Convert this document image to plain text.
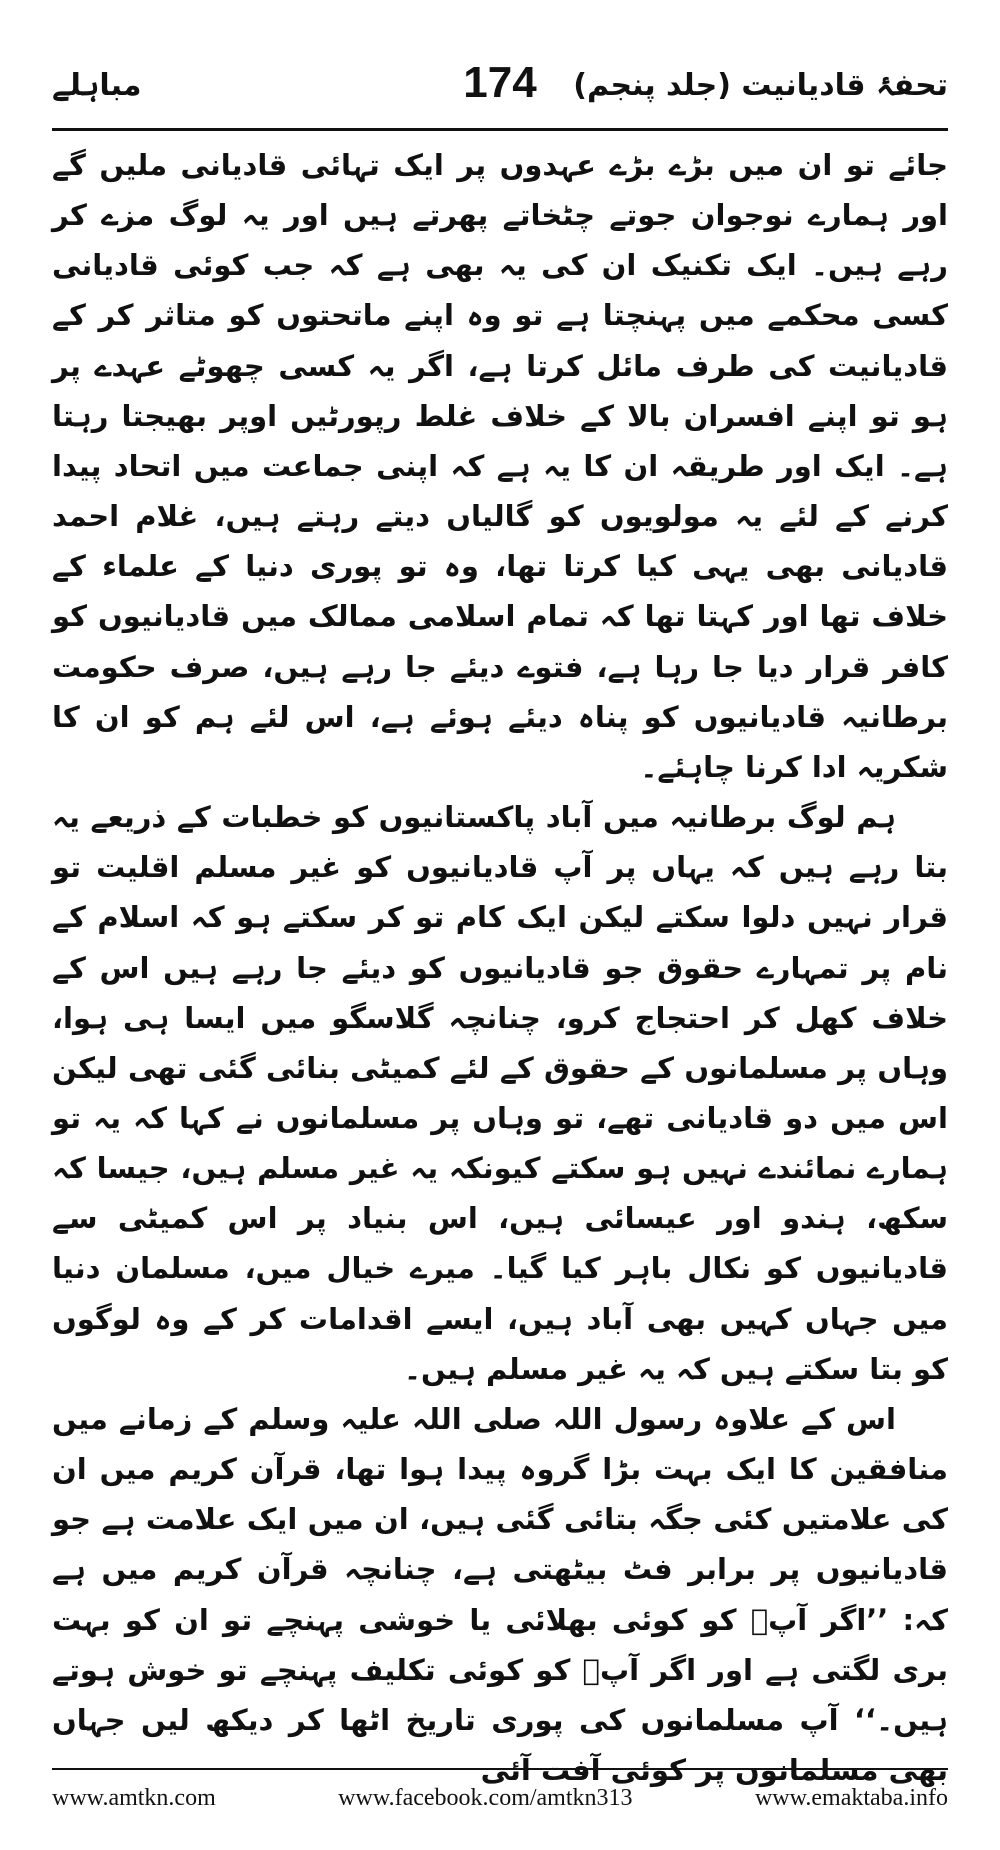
تحفۂ قادیانیت (جلد پنجم)
174
مباہلے

جائے تو ان میں بڑے بڑے عہدوں پر ایک تہائی قادیانی ملیں گے اور ہمارے نوجوان جوتے چٹخاتے پھرتے ہیں اور یہ لوگ مزے کر رہے ہیں۔ ایک تکنیک ان کی یہ بھی ہے کہ جب کوئی قادیانی کسی محکمے میں پہنچتا ہے تو وہ اپنے ماتحتوں کو متاثر کر کے قادیانیت کی طرف مائل کرتا ہے، اگر یہ کسی چھوٹے عہدے پر ہو تو اپنے افسران بالا کے خلاف غلط رپورٹیں اوپر بھیجتا رہتا ہے۔ ایک اور طریقہ ان کا یہ ہے کہ اپنی جماعت میں اتحاد پیدا کرنے کے لئے یہ مولویوں کو گالیاں دیتے رہتے ہیں، غلام احمد قادیانی بھی یہی کیا کرتا تھا، وہ تو پوری دنیا کے علماء کے خلاف تھا اور کہتا تھا کہ تمام اسلامی ممالک میں قادیانیوں کو کافر قرار دیا جا رہا ہے، فتوے دیئے جا رہے ہیں، صرف حکومت برطانیہ قادیانیوں کو پناہ دیئے ہوئے ہے، اس لئے ہم کو ان کا شکریہ ادا کرنا چاہئے۔

ہم لوگ برطانیہ میں آباد پاکستانیوں کو خطبات کے ذریعے یہ بتا رہے ہیں کہ یہاں پر آپ قادیانیوں کو غیر مسلم اقلیت تو قرار نہیں دلوا سکتے لیکن ایک کام تو کر سکتے ہو کہ اسلام کے نام پر تمہارے حقوق جو قادیانیوں کو دیئے جا رہے ہیں اس کے خلاف کھل کر احتجاج کرو، چنانچہ گلاسگو میں ایسا ہی ہوا، وہاں پر مسلمانوں کے حقوق کے لئے کمیٹی بنائی گئی تھی لیکن اس میں دو قادیانی تھے، تو وہاں پر مسلمانوں نے کہا کہ یہ تو ہمارے نمائندے نہیں ہو سکتے کیونکہ یہ غیر مسلم ہیں، جیسا کہ سکھ، ہندو اور عیسائی ہیں، اس بنیاد پر اس کمیٹی سے قادیانیوں کو نکال باہر کیا گیا۔ میرے خیال میں، مسلمان دنیا میں جہاں کہیں بھی آباد ہیں، ایسے اقدامات کر کے وہ لوگوں کو بتا سکتے ہیں کہ یہ غیر مسلم ہیں۔

اس کے علاوہ رسول اللہ صلی اللہ علیہ وسلم کے زمانے میں منافقین کا ایک بہت بڑا گروہ پیدا ہوا تھا، قرآن کریم میں ان کی علامتیں کئی جگہ بتائی گئی ہیں، ان میں ایک علامت ہے جو قادیانیوں پر برابر فٹ بیٹھتی ہے، چنانچہ قرآن کریم میں ہے کہ: ’’اگر آپؐ کو کوئی بھلائی یا خوشی پہنچے تو ان کو بہت بری لگتی ہے اور اگر آپؐ کو کوئی تکلیف پہنچے تو خوش ہوتے ہیں۔‘‘ آپ مسلمانوں کی پوری تاریخ اٹھا کر دیکھ لیں جہاں بھی مسلمانوں پر کوئی آفت آئی

www.amtkn.com	www.facebook.com/amtkn313	www.emaktaba.info
